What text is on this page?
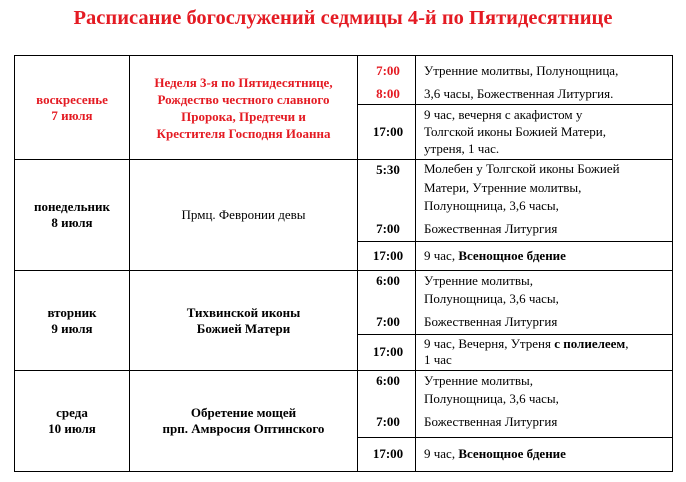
Расписание богослужений седмицы 4-й по Пятидесятнице
воскресенье
7 июля
Неделя 3-я по Пятидесятнице,
Рождество честного славного
Пророка, Предтечи и
Крестителя Господня Иоанна
7:00
8:00
Утренние молитвы, Полунощница,
3,6 часы, Божественная Литургия.
17:00
9 час, вечерня с акафистом у
Толгской иконы Божией Матери,
утреня, 1 час.
понедельник
8 июля
Прмц. Февронии девы
5:30
7:00
Молебен у Толгской иконы Божией
Матери, Утренние молитвы,
Полунощница, 3,6 часы,
Божественная Литургия
17:00	9 час, Всенощное бдение
вторник
9 июля
Тихвинской иконы
Божией Матери
6:00
7:00
Утренние молитвы,
Полунощница, 3,6 часы,
Божественная Литургия
17:00
9 час, Вечерня, Утреня с полиелеем,
1 час
среда
10 июля
Обретение мощей
прп. Амвросия Оптинского
6:00
7:00
Утренние молитвы,
Полунощница, 3,6 часы,
Божественная Литургия
17:00	9 час, Всенощное бдение
